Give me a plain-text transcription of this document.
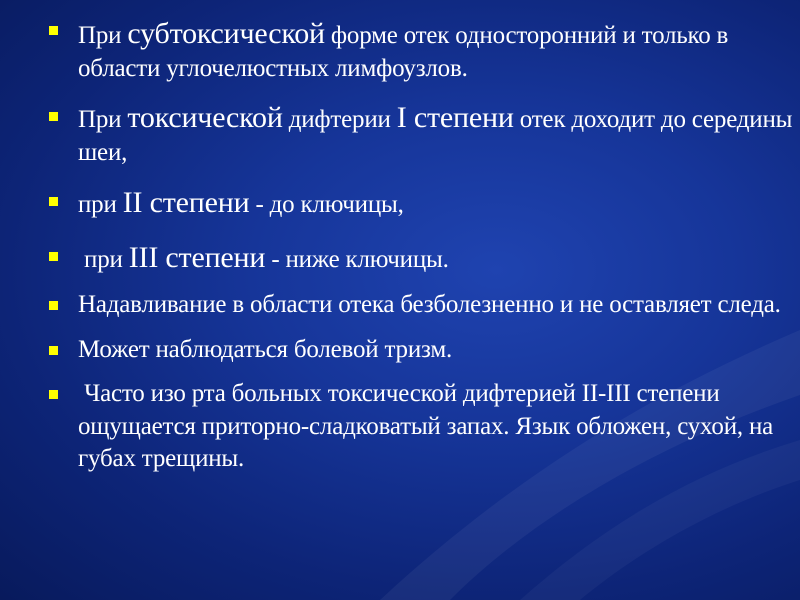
При субтоксической форме отек односторонний и только в области углочелюстных лимфоузлов.
При токсической дифтерии I степени отек доходит до середины шеи,
при II степени - до ключицы,
при III степени - ниже ключицы.
Надавливание в области отека безболезненно и не оставляет следа.
Может наблюдаться болевой тризм.
Часто изо рта больных токсической дифтерией II-III степени ощущается приторно-сладковатый запах. Язык обложен, сухой, на губах трещины.
